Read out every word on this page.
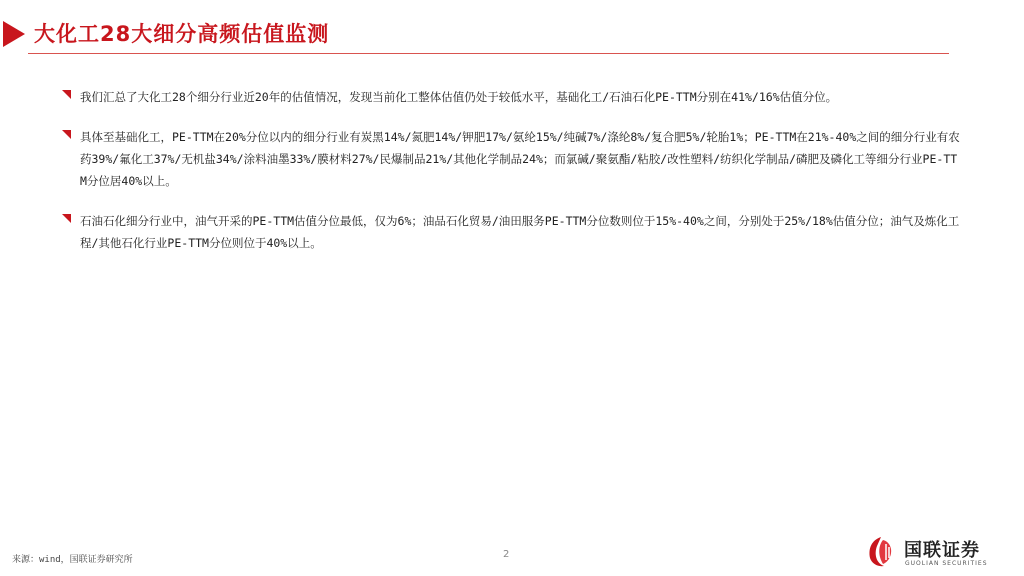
大化工28大细分高频估值监测
我们汇总了大化工28个细分行业近20年的估值情况，发现当前化工整体估值仍处于较低水平，基础化工/石油石化PE-TTM分别在41%/16%估值分位。
具体至基础化工，PE-TTM在20%分位以内的细分行业有炭黑14%/氮肥14%/钾肥17%/氨纶15%/纯碱7%/涤纶8%/复合肥5%/轮胎1%；PE-TTM在21%-40%之间的细分行业有农药39%/氟化工37%/无机盐34%/涂料油墨33%/膜材料27%/民爆制品21%/其他化学制品24%；而氯碱/聚氨酯/粘胶/改性塑料/纺织化学制品/磷肥及磷化工等细分行业PE-TTM分位居40%以上。
石油石化细分行业中，油气开采的PE-TTM估值分位最低，仅为6%；油品石化贸易/油田服务PE-TTM分位数则位于15%-40%之间，分别处于25%/18%估值分位；油气及炼化工程/其他石化行业PE-TTM分位则位于40%以上。
来源：wind，国联证券研究所	2	国联证券
GUOLIAN SECURITIES
